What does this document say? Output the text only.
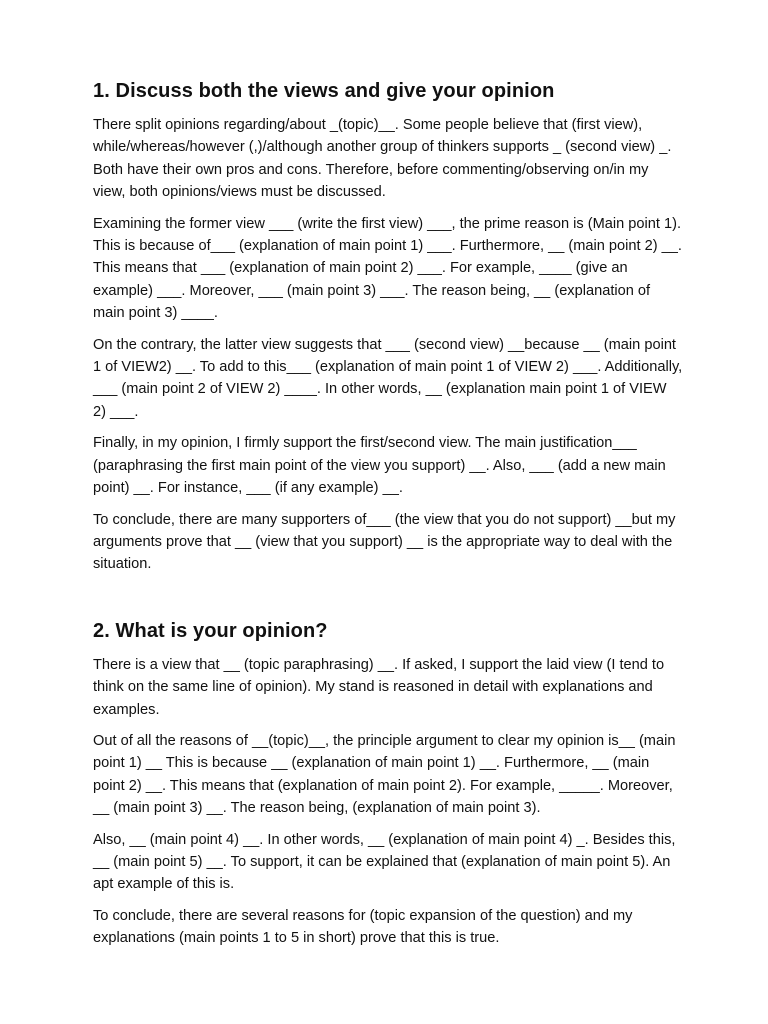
1. Discuss both the views and give your opinion

There split opinions regarding/about _(topic)__. Some people believe that (first view), while/whereas/however (,)/although another group of thinkers supports _ (second view) _. Both have their own pros and cons. Therefore, before commenting/observing on/in my view, both opinions/views must be discussed.

Examining the former view ___ (write the first view) ___, the prime reason is (Main point 1). This is because of___ (explanation of main point 1) ___. Furthermore, __ (main point 2) __. This means that ___ (explanation of main point 2) ___. For example, ____ (give an example) ___. Moreover, ___ (main point 3) ___. The reason being, __ (explanation of main point 3) ____.

On the contrary, the latter view suggests that ___ (second view) __because __ (main point 1 of VIEW2) __. To add to this___ (explanation of main point 1 of VIEW 2) ___. Additionally, ___ (main point 2 of VIEW 2) ____. In other words, __ (explanation main point 1 of VIEW 2) ___.

Finally, in my opinion, I firmly support the first/second view. The main justification___ (paraphrasing the first main point of the view you support) __. Also, ___ (add a new main point) __. For instance, ___ (if any example) __.

To conclude, there are many supporters of___ (the view that you do not support) __but my arguments prove that __ (view that you support) __ is the appropriate way to deal with the situation.

2. What is your opinion?

There is a view that __ (topic paraphrasing) __. If asked, I support the laid view (I tend to think on the same line of opinion). My stand is reasoned in detail with explanations and examples.

Out of all the reasons of __(topic)__, the principle argument to clear my opinion is__ (main point 1) __ This is because __ (explanation of main point 1) __. Furthermore, __ (main point 2) __. This means that (explanation of main point 2). For example, _____. Moreover, __ (main point 3) __. The reason being, (explanation of main point 3).

Also, __ (main point 4) __. In other words, __ (explanation of main point 4) _. Besides this, __ (main point 5) __. To support, it can be explained that (explanation of main point 5). An apt example of this is.

To conclude, there are several reasons for (topic expansion of the question) and my explanations (main points 1 to 5 in short) prove that this is true.
